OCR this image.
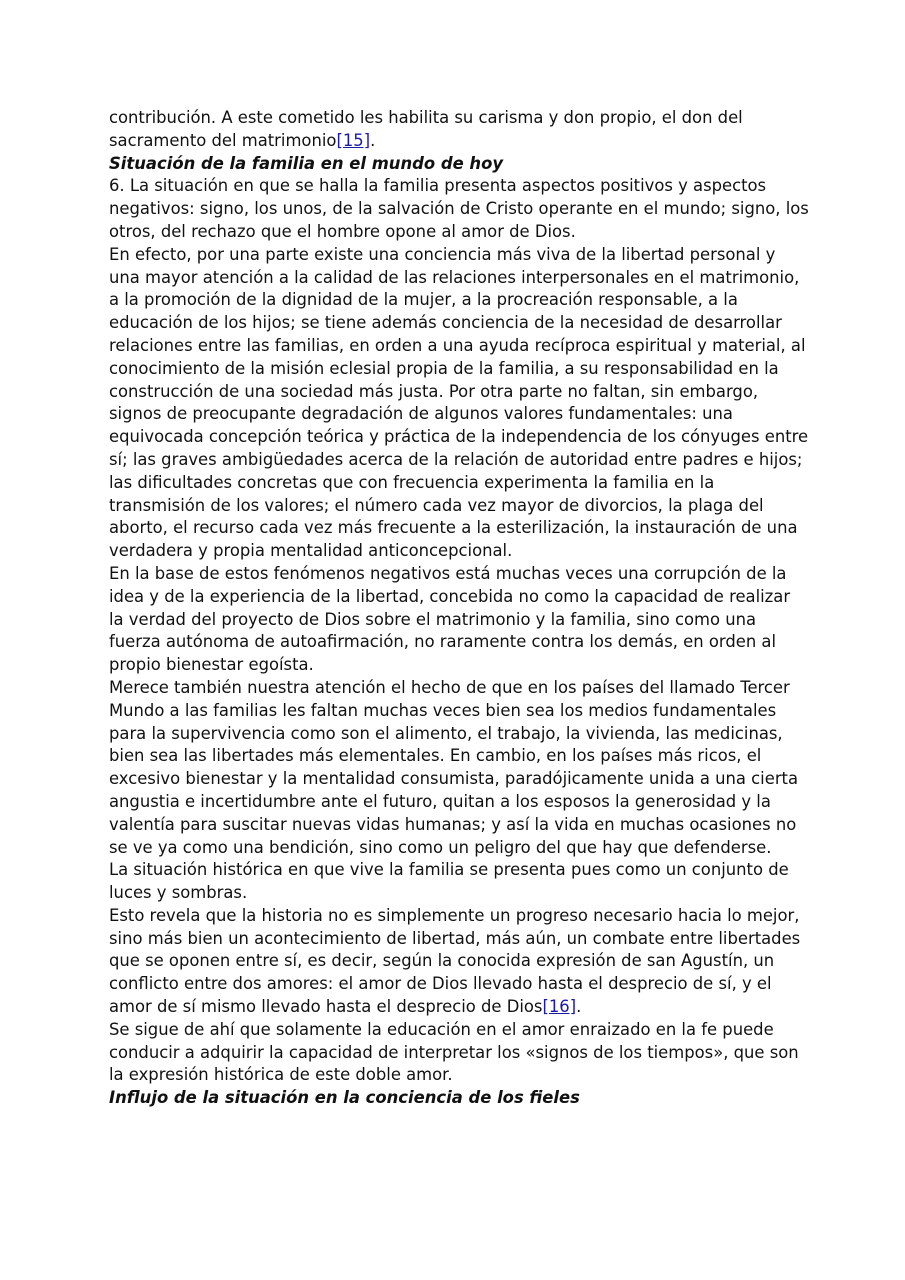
contribución. A este cometido les habilita su carisma y don propio, el don del sacramento del matrimonio[15].

Situación de la familia en el mundo de hoy

6. La situación en que se halla la familia presenta aspectos positivos y aspectos negativos: signo, los unos, de la salvación de Cristo operante en el mundo; signo, los otros, del rechazo que el hombre opone al amor de Dios.

En efecto, por una parte existe una conciencia más viva de la libertad personal y una mayor atención a la calidad de las relaciones interpersonales en el matrimonio, a la promoción de la dignidad de la mujer, a la procreación responsable, a la educación de los hijos; se tiene además conciencia de la necesidad de desarrollar relaciones entre las familias, en orden a una ayuda recíproca espiritual y material, al conocimiento de la misión eclesial propia de la familia, a su responsabilidad en la construcción de una sociedad más justa. Por otra parte no faltan, sin embargo, signos de preocupante degradación de algunos valores fundamentales: una equivocada concepción teórica y práctica de la independencia de los cónyuges entre sí; las graves ambigüedades acerca de la relación de autoridad entre padres e hijos; las dificultades concretas que con frecuencia experimenta la familia en la transmisión de los valores; el número cada vez mayor de divorcios, la plaga del aborto, el recurso cada vez más frecuente a la esterilización, la instauración de una verdadera y propia mentalidad anticoncepcional.

En la base de estos fenómenos negativos está muchas veces una corrupción de la idea y de la experiencia de la libertad, concebida no como la capacidad de realizar la verdad del proyecto de Dios sobre el matrimonio y la familia, sino como una fuerza autónoma de autoafirmación, no raramente contra los demás, en orden al propio bienestar egoísta.

Merece también nuestra atención el hecho de que en los países del llamado Tercer Mundo a las familias les faltan muchas veces bien sea los medios fundamentales para la supervivencia como son el alimento, el trabajo, la vivienda, las medicinas, bien sea las libertades más elementales. En cambio, en los países más ricos, el excesivo bienestar y la mentalidad consumista, paradójicamente unida a una cierta angustia e incertidumbre ante el futuro, quitan a los esposos la generosidad y la valentía para suscitar nuevas vidas humanas; y así la vida en muchas ocasiones no se ve ya como una bendición, sino como un peligro del que hay que defenderse.

La situación histórica en que vive la familia se presenta pues como un conjunto de luces y sombras.

Esto revela que la historia no es simplemente un progreso necesario hacia lo mejor, sino más bien un acontecimiento de libertad, más aún, un combate entre libertades que se oponen entre sí, es decir, según la conocida expresión de san Agustín, un conflicto entre dos amores: el amor de Dios llevado hasta el desprecio de sí, y el amor de sí mismo llevado hasta el desprecio de Dios[16].

Se sigue de ahí que solamente la educación en el amor enraizado en la fe puede conducir a adquirir la capacidad de interpretar los «signos de los tiempos», que son la expresión histórica de este doble amor.

Influjo de la situación en la conciencia de los fieles
